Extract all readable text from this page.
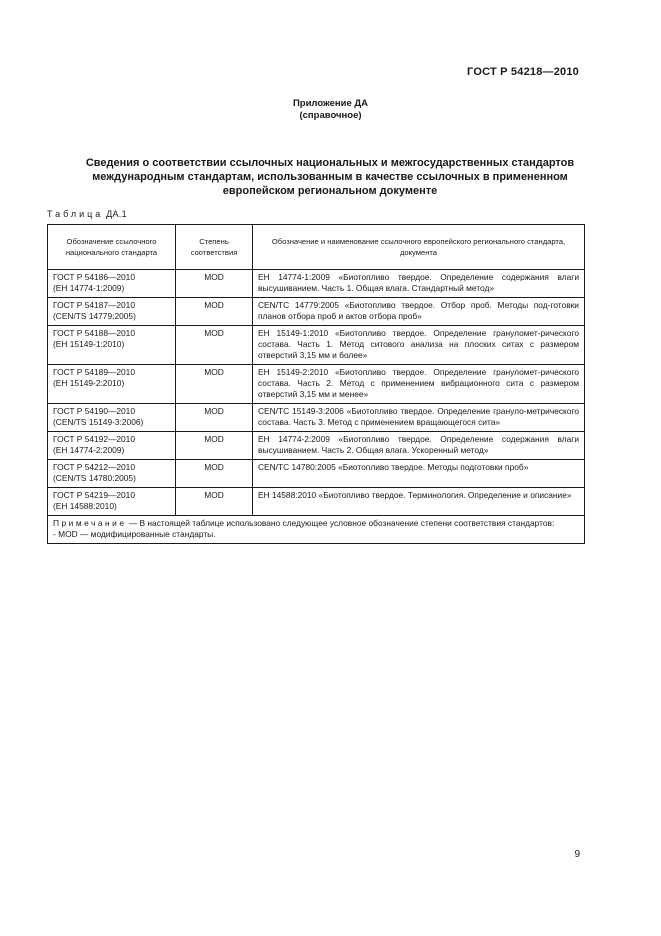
ГОСТ Р 54218—2010
Приложение ДА
(справочное)
Сведения о соответствии ссылочных национальных и межгосударственных стандартов международным стандартам, использованным в качестве ссылочных в примененном европейском региональном документе
Таблица ДА.1
Обозначение ссылочного национального стандарта	Степень соответствия	Обозначение и наименование ссылочного европейского регионального стандарта, документа

ГОСТ Р 54186—2010
(ЕН 14774-1:2009)	MOD	ЕН 14774-1:2009 «Биотопливо твердое. Определение содержания влаги высушиванием. Часть 1. Общая влага. Стандартный метод»

ГОСТ Р 54187—2010
(CEN/TS 14779:2005)	MOD	CEN/TC 14779:2005 «Биотопливо твердое. Отбор проб. Методы под-готовки планов отбора проб и актов отбора проб»

ГОСТ Р 54188—2010
(ЕН 15149-1:2010)	MOD	ЕН 15149-1:2010 «Биотопливо твердое. Определение грануломет-рического состава. Часть 1. Метод ситового анализа на плоских ситах с размером отверстий 3,15 мм и более»

ГОСТ Р 54189—2010
(ЕН 15149-2:2010)	MOD	ЕН 15149-2:2010 «Биотопливо твердое. Определение грануломет-рического состава. Часть 2. Метод с применением вибрационного сита с размером отверстий 3,15 мм и менее»

ГОСТ Р 54190—2010
(CEN/TS 15149-3:2006)	MOD	CEN/TC 15149-3:2006 «Биотопливо твердое. Определение грануло-метрического состава. Часть 3. Метод с применением вращающегося сита»

ГОСТ Р 54192—2010
(ЕН 14774-2:2009)	MOD	ЕН 14774-2:2009 «Биотопливо твердое. Определение содержания влаги высушиванием. Часть 2. Общая влага. Ускоренный метод»

ГОСТ Р 54212—2010
(CEN/TS 14780:2005)	MOD	CEN/TC 14780:2005 «Биотопливо твердое. Методы подготовки проб»

ГОСТ Р 54219—2010
(ЕН 14588:2010)	MOD	ЕН 14588:2010 «Биотопливо твердое. Терминология. Определение и описание»
Примечание — В настоящей таблице использовано следующее условное обозначение степени соответствия стандартов:
- MOD — модифицированные стандарты.		
9
